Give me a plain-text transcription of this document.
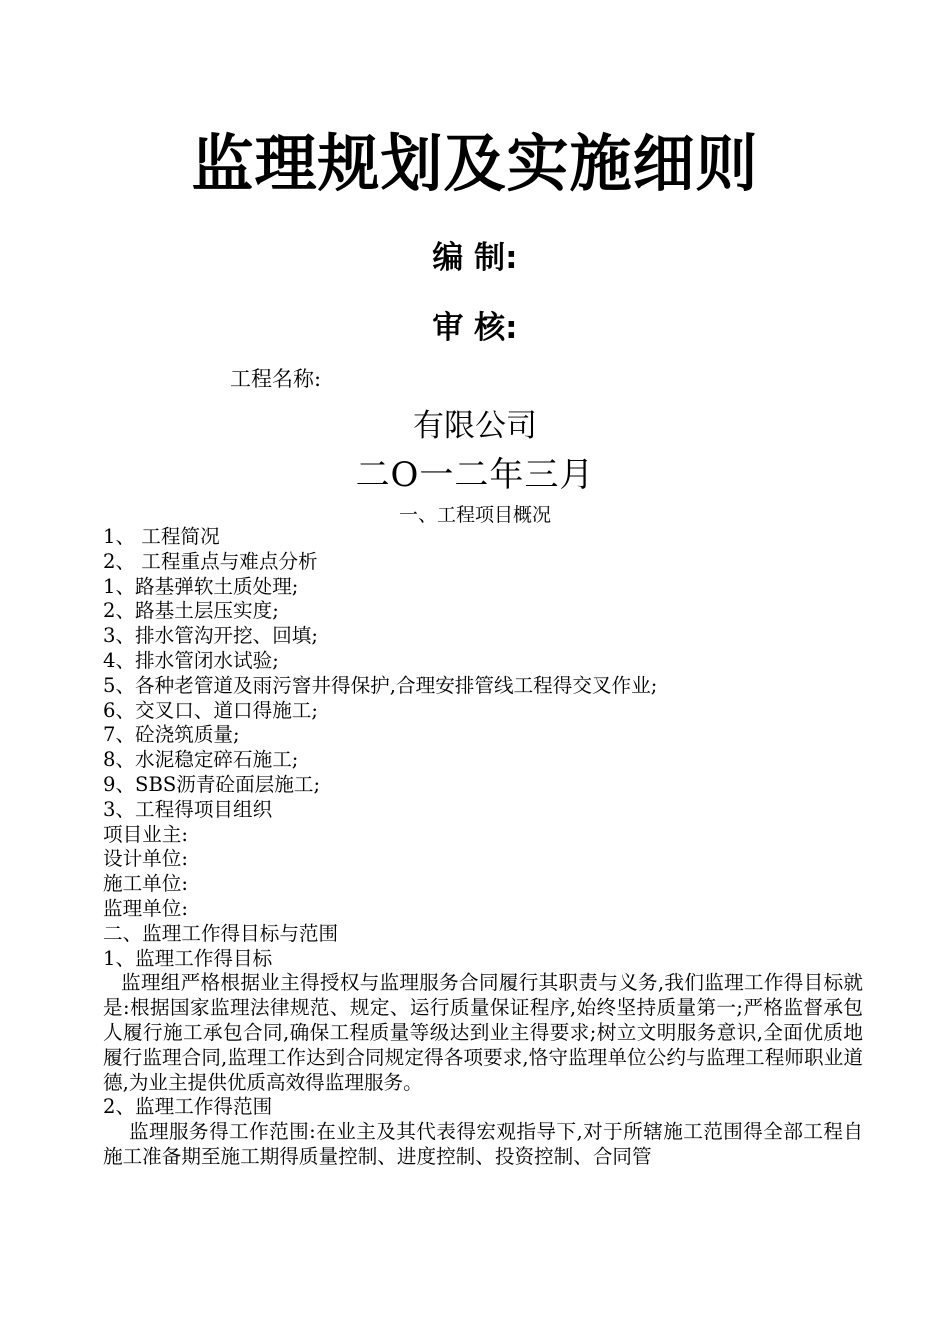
监理规划及实施细则
编 制:
审 核:
工程名称:
有限公司
二O一二年三月
一、工程项目概况
1、 工程简况
2、 工程重点与难点分析
1、路基弹软土质处理;
2、路基土层压实度;
3、排水管沟开挖、回填;
4、排水管闭水试验;
5、各种老管道及雨污窨井得保护,合理安排管线工程得交叉作业;
6、交叉口、道口得施工;
7、砼浇筑质量;
8、水泥稳定碎石施工;
9、SBS沥青砼面层施工;
3、工程得项目组织
项目业主:
设计单位:
施工单位:
监理单位:
二、监理工作得目标与范围
1、监理工作得目标
监理组严格根据业主得授权与监理服务合同履行其职责与义务,我们监理工作得目标就是:根据国家监理法律规范、规定、运行质量保证程序,始终坚持质量第一;严格监督承包人履行施工承包合同,确保工程质量等级达到业主得要求;树立文明服务意识,全面优质地履行监理合同,监理工作达到合同规定得各项要求,恪守监理单位公约与监理工程师职业道德,为业主提供优质高效得监理服务。
2、监理工作得范围
监理服务得工作范围:在业主及其代表得宏观指导下,对于所辖施工范围得全部工程自施工准备期至施工期得质量控制、进度控制、投资控制、合同管
